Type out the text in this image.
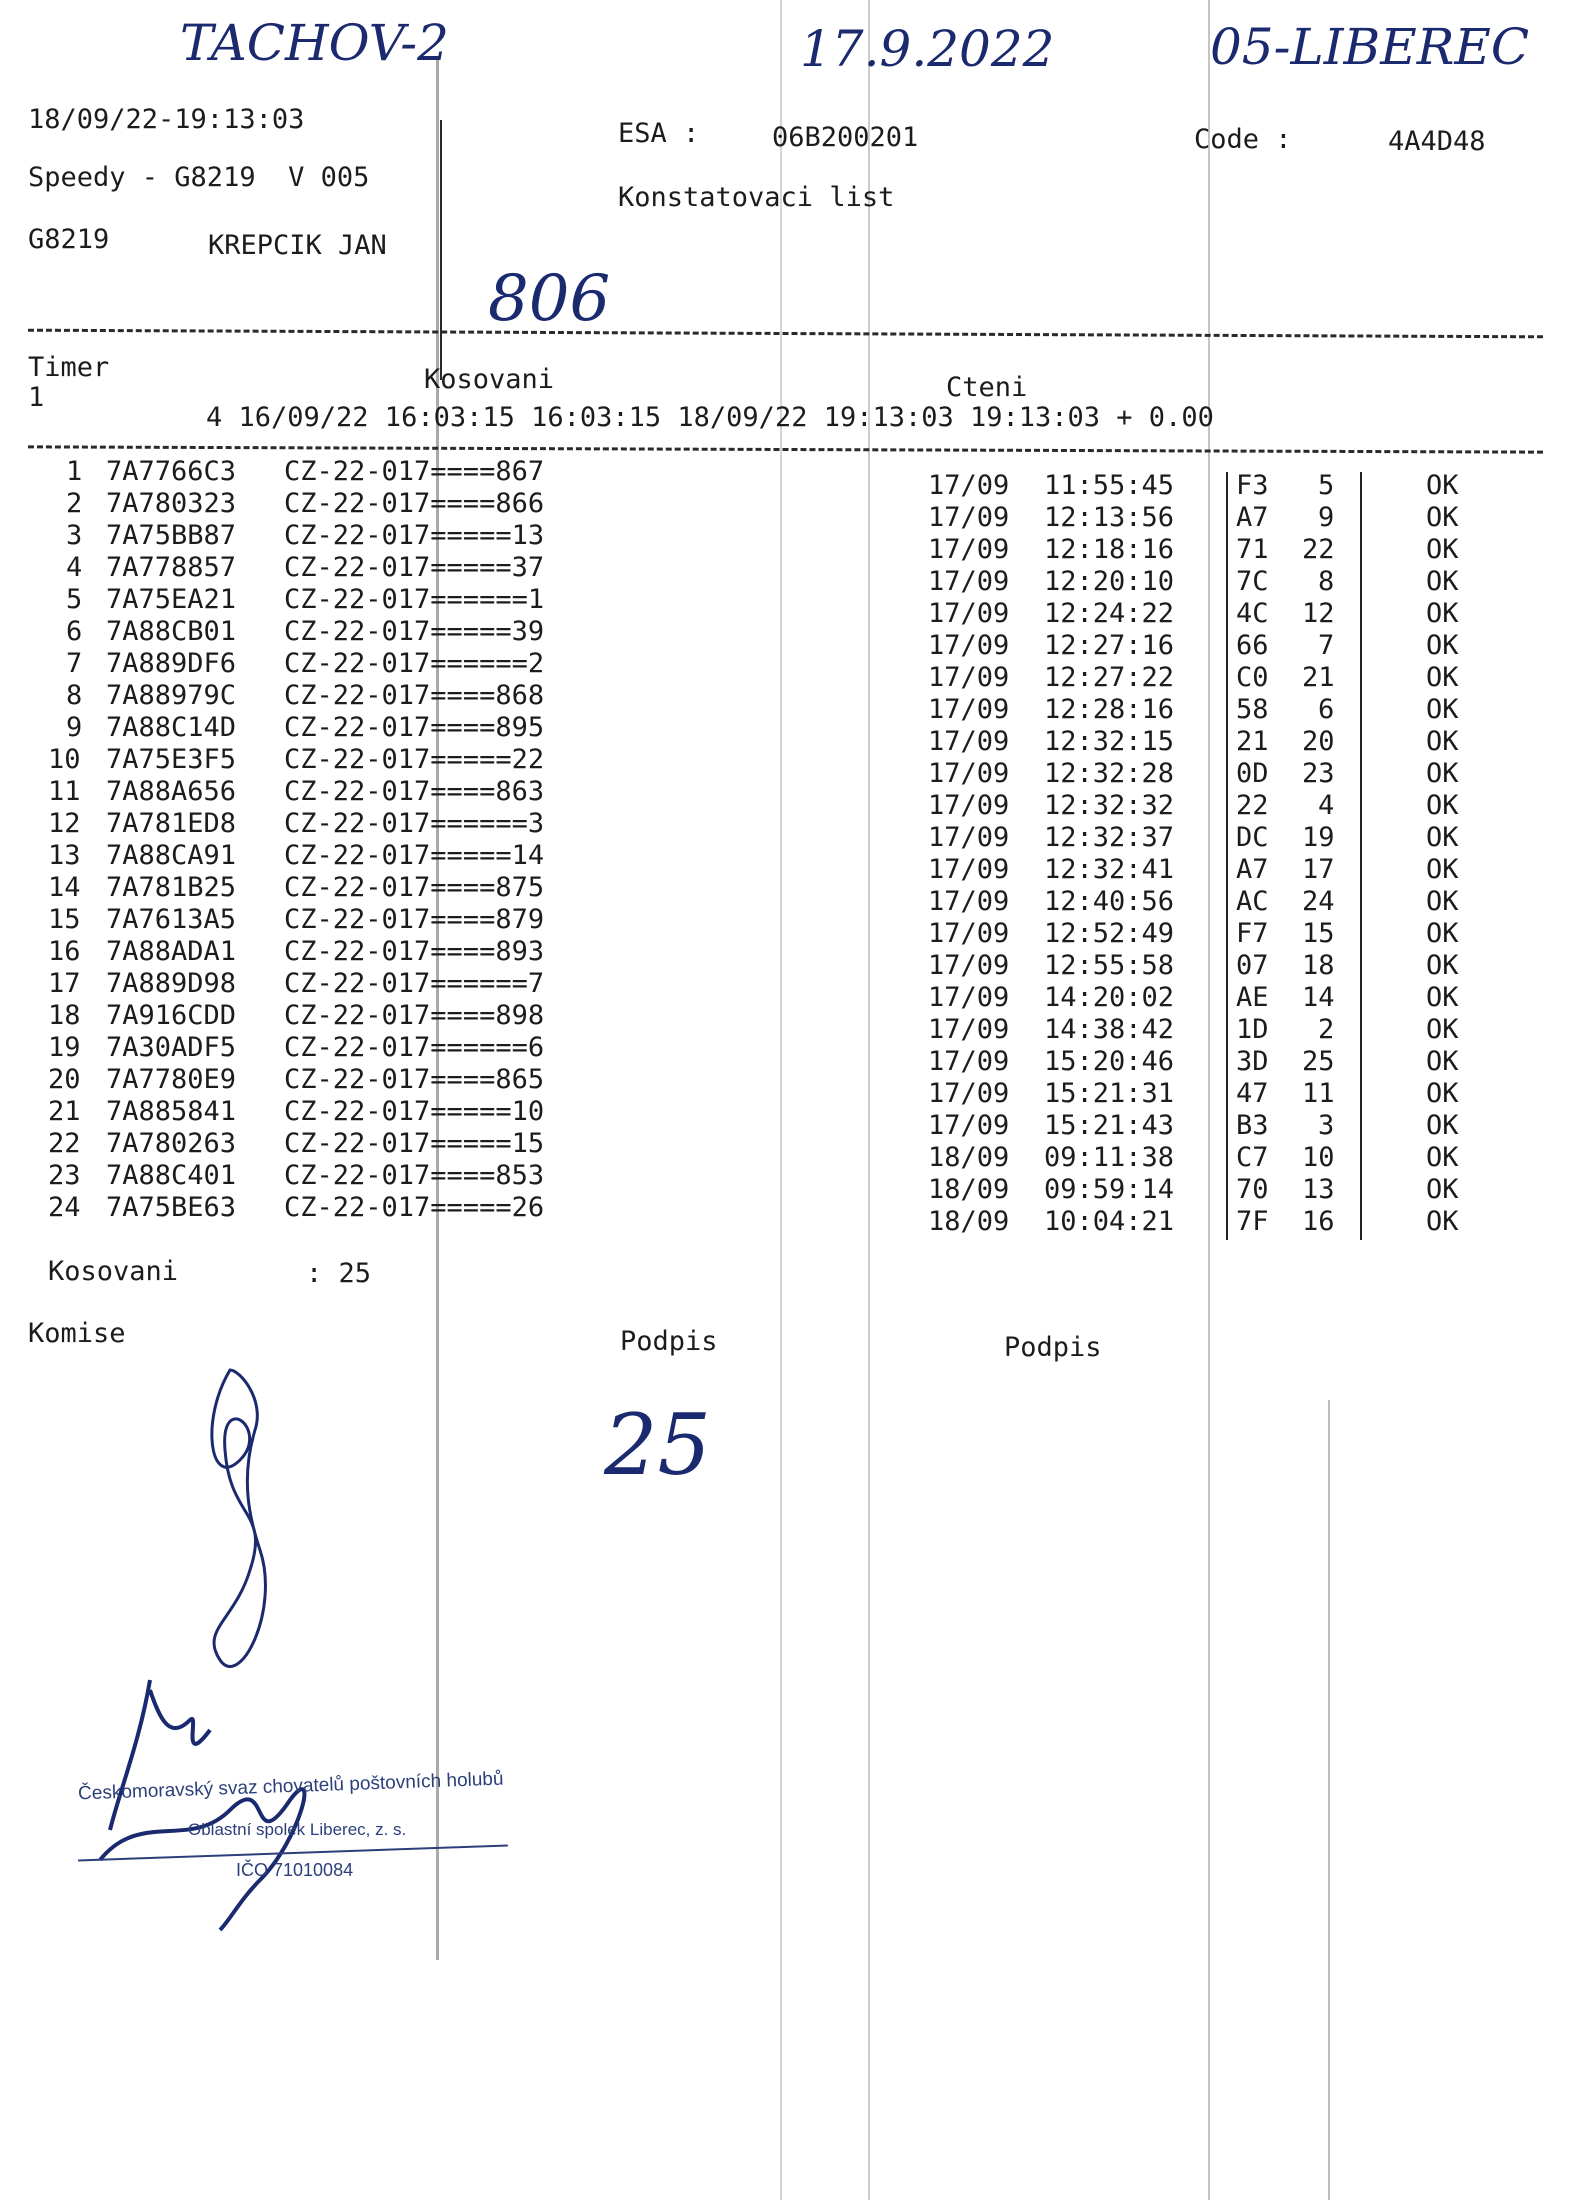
TACHOV-2	17.9.2022	05-LIBEREC
806
18/09/22-19:13:03
Speedy - G8219  V 005
G8219	KREPCIK JAN
ESA :	06B200201
Konstatovaci list
Code :	4A4D48
Timer
1
Kosovani	Cteni
4 16/09/22 16:03:15 16:03:15 18/09/22 19:13:03 19:13:03 + 0.00
1 7A7766C3 CZ-22-017====867
2 7A780323 CZ-22-017====866
3 7A75BB87 CZ-22-017=====13
4 7A778857 CZ-22-017=====37
5 7A75EA21 CZ-22-017======1
6 7A88CB01 CZ-22-017=====39
7 7A889DF6 CZ-22-017======2
8 7A88979C CZ-22-017====868
9 7A88C14D CZ-22-017====895
10 7A75E3F5 CZ-22-017=====22
11 7A88A656 CZ-22-017====863
12 7A781ED8 CZ-22-017======3
13 7A88CA91 CZ-22-017=====14
14 7A781B25 CZ-22-017====875
15 7A7613A5 CZ-22-017====879
16 7A88ADA1 CZ-22-017====893
17 7A889D98 CZ-22-017======7
18 7A916CDD CZ-22-017====898
19 7A30ADF5 CZ-22-017======6
20 7A7780E9 CZ-22-017====865
21 7A885841 CZ-22-017=====10
22 7A780263 CZ-22-017=====15
23 7A88C401 CZ-22-017====853
24 7A75BE63 CZ-22-017=====26
17/09 11:55:45 F3 5	OK
17/09 12:13:56 A7 9	OK
17/09 12:18:16 71 22	OK
17/09 12:20:10 7C 8	OK
17/09 12:24:22 4C 12	OK
17/09 12:27:16 66 7	OK
17/09 12:27:22 C0 21	OK
17/09 12:28:16 58 6	OK
17/09 12:32:15 21 20	OK
17/09 12:32:28 0D 23	OK
17/09 12:32:32 22 4	OK
17/09 12:32:37 DC 19	OK
17/09 12:32:41 A7 17	OK
17/09 12:40:56 AC 24	OK
17/09 12:52:49 F7 15	OK
17/09 12:55:58 07 18	OK
17/09 14:20:02 AE 14	OK
17/09 14:38:42 1D 2	OK
17/09 15:20:46 3D 25	OK
17/09 15:21:31 47 11	OK
17/09 15:21:43 B3 3	OK
18/09 09:11:38 C7 10	OK
18/09 09:59:14 70 13	OK
18/09 10:04:21 7F 16	OK
Kosovani	: 25
Komise	Podpis	Podpis
25
Českomoravský svaz chovatelů poštovních holubů
Oblastní spolek Liberec, z. s.
IČO 71010084
